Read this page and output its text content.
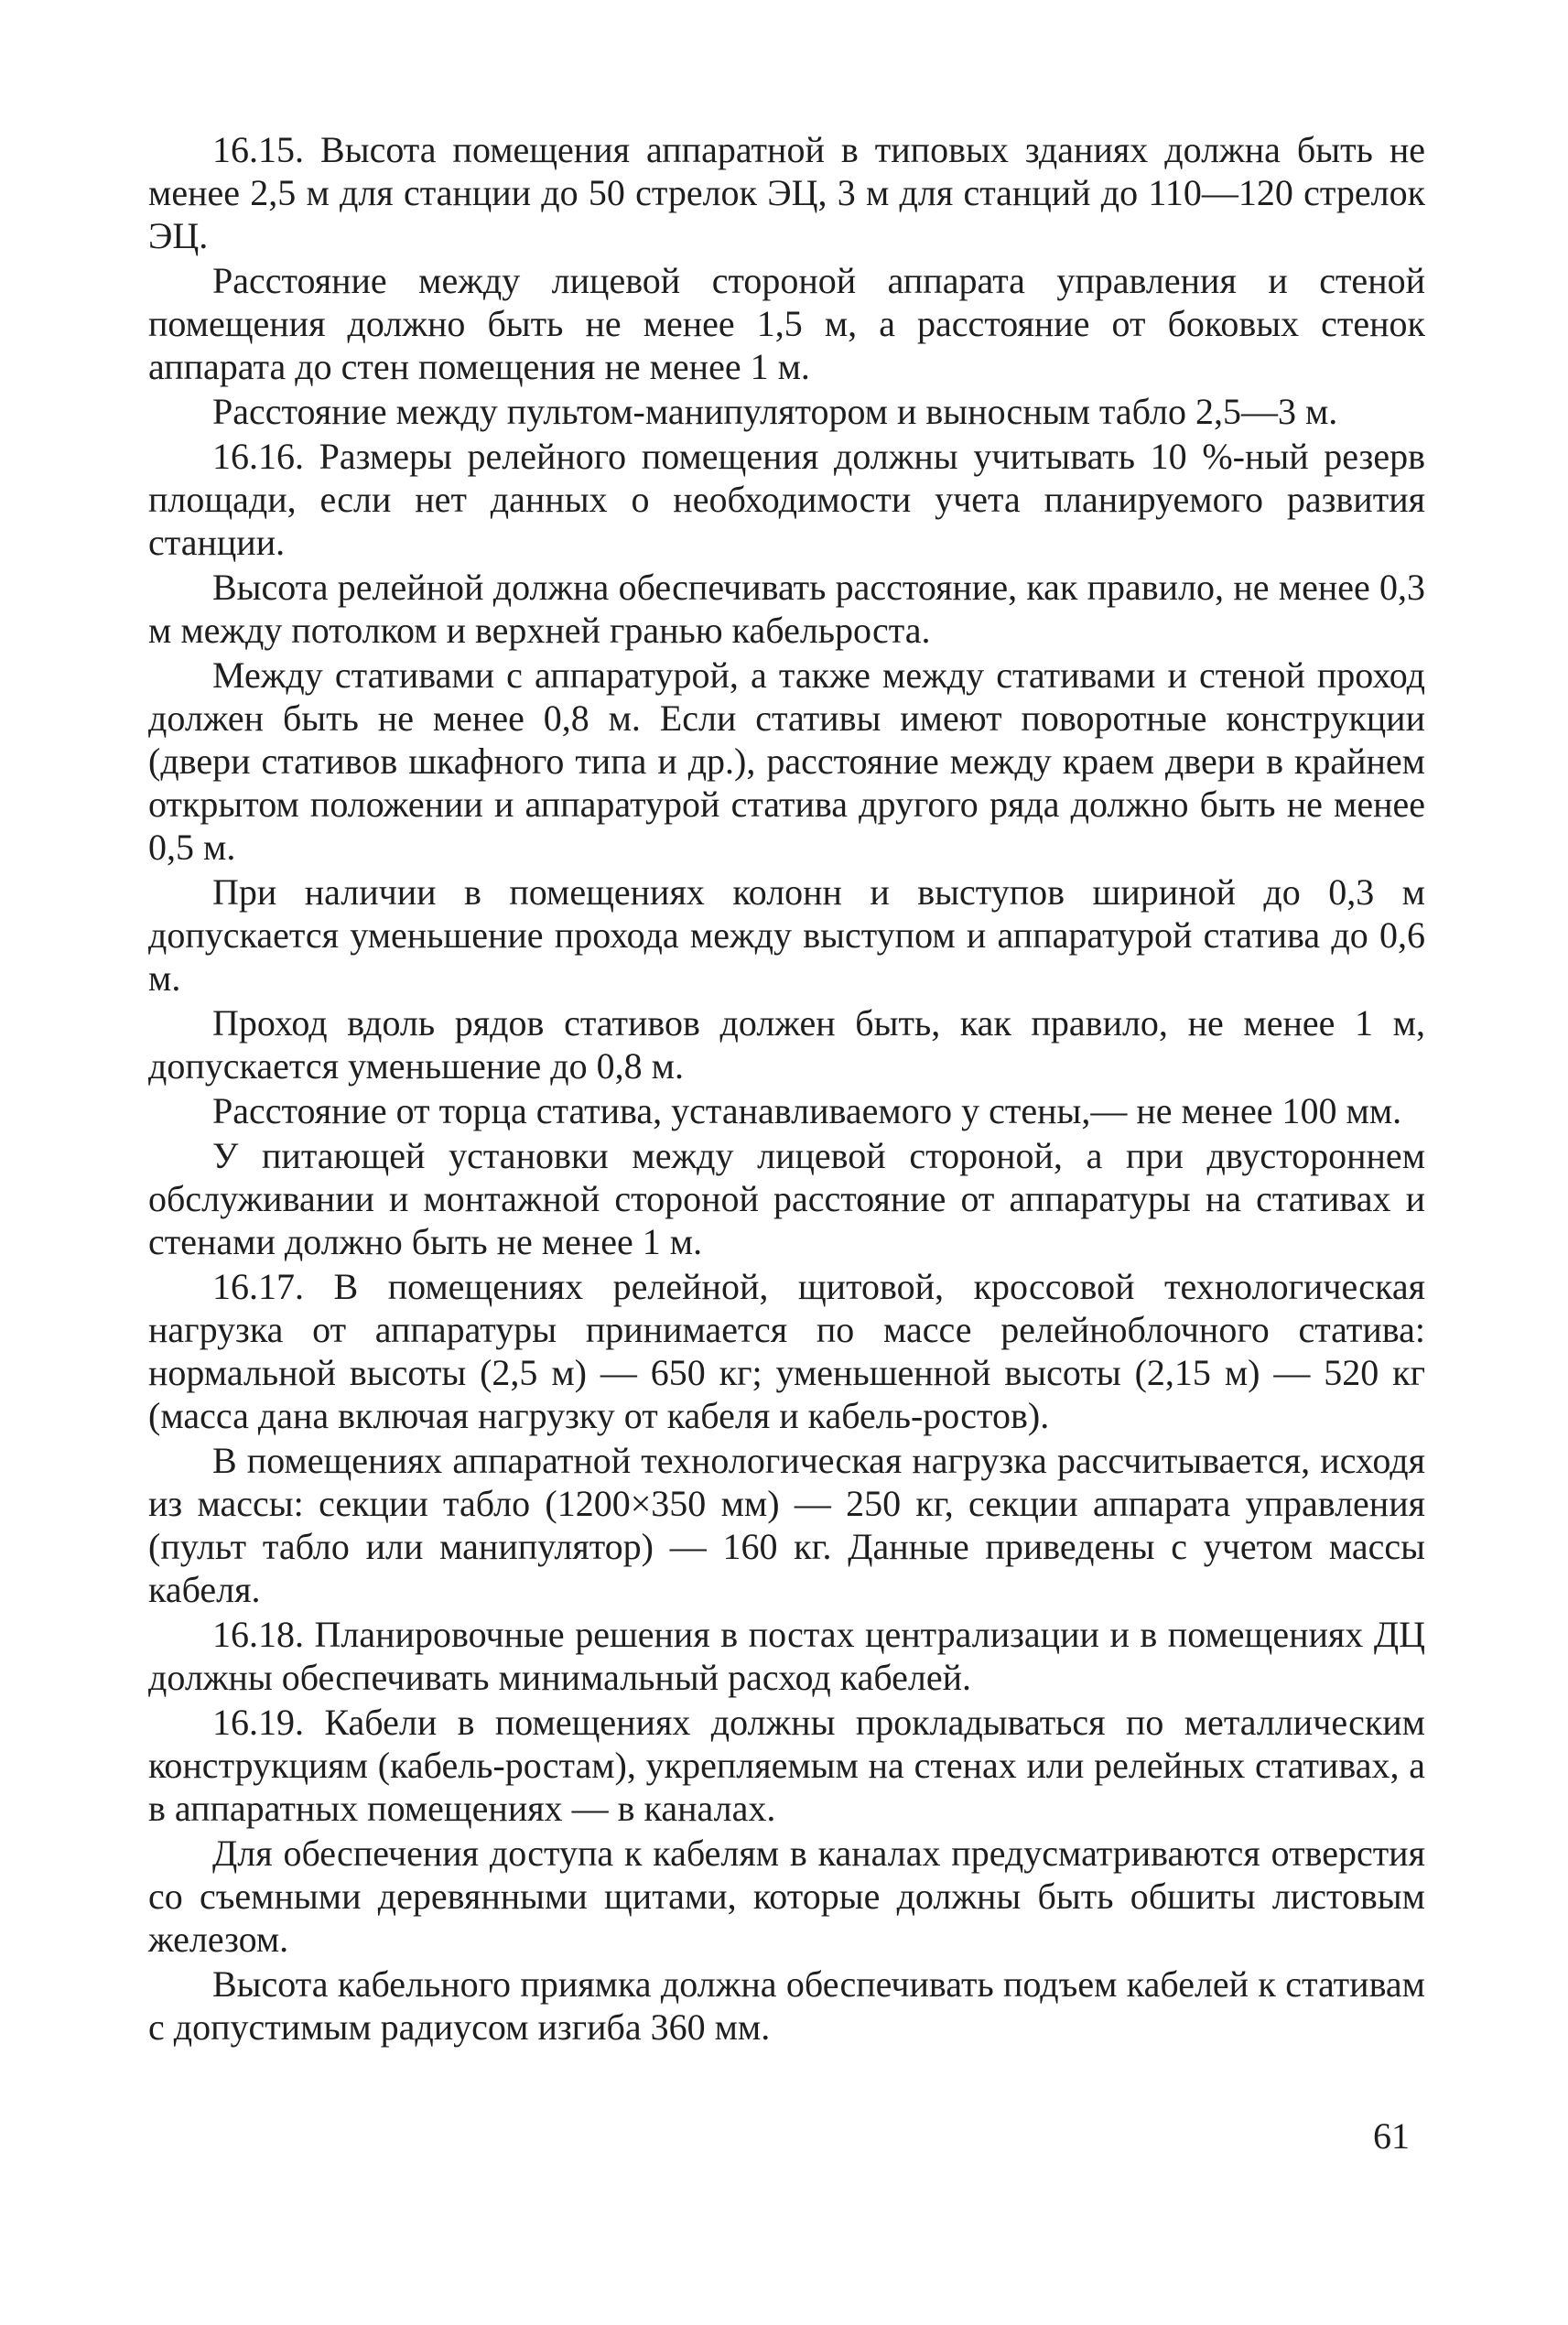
16.15. Высота помещения аппаратной в типовых зданиях должна быть не менее 2,5 м для станции до 50 стрелок ЭЦ, 3 м для станций до 110—120 стрелок ЭЦ.

Расстояние между лицевой стороной аппарата управления и стеной помещения должно быть не менее 1,5 м, а расстояние от боковых стенок аппарата до стен помещения не менее 1 м.

Расстояние между пультом-манипулятором и выносным табло 2,5—3 м.

16.16. Размеры релейного помещения должны учитывать 10 %-ный резерв площади, если нет данных о необходимости учета планируемого развития станции.

Высота релейной должна обеспечивать расстояние, как правило, не менее 0,3 м между потолком и верхней гранью кабельроста.

Между стативами с аппаратурой, а также между стативами и стеной проход должен быть не менее 0,8 м. Если стативы имеют поворотные конструкции (двери стативов шкафного типа и др.), расстояние между краем двери в крайнем открытом положении и аппаратурой статива другого ряда должно быть не менее 0,5 м.

При наличии в помещениях колонн и выступов шириной до 0,3 м допускается уменьшение прохода между выступом и аппаратурой статива до 0,6 м.

Проход вдоль рядов стативов должен быть, как правило, не менее 1 м, допускается уменьшение до 0,8 м.

Расстояние от торца статива, устанавливаемого у стены,— не менее 100 мм.

У питающей установки между лицевой стороной, а при двустороннем обслуживании и монтажной стороной расстояние от аппаратуры на стативах и стенами должно быть не менее 1 м.

16.17. В помещениях релейной, щитовой, кроссовой технологическая нагрузка от аппаратуры принимается по массе релейноблочного статива: нормальной высоты (2,5 м) — 650 кг; уменьшенной высоты (2,15 м) — 520 кг (масса дана включая нагрузку от кабеля и кабель-ростов).

В помещениях аппаратной технологическая нагрузка рассчитывается, исходя из массы: секции табло (1200×350 мм) — 250 кг, секции аппарата управления (пульт табло или манипулятор) — 160 кг. Данные приведены с учетом массы кабеля.

16.18. Планировочные решения в постах централизации и в помещениях ДЦ должны обеспечивать минимальный расход кабелей.

16.19. Кабели в помещениях должны прокладываться по металлическим конструкциям (кабель-ростам), укрепляемым на стенах или релейных стативах, а в аппаратных помещениях — в каналах.

Для обеспечения доступа к кабелям в каналах предусматриваются отверстия со съемными деревянными щитами, которые должны быть обшиты листовым железом.

Высота кабельного приямка должна обеспечивать подъем кабелей к стативам с допустимым радиусом изгиба 360 мм.

61
